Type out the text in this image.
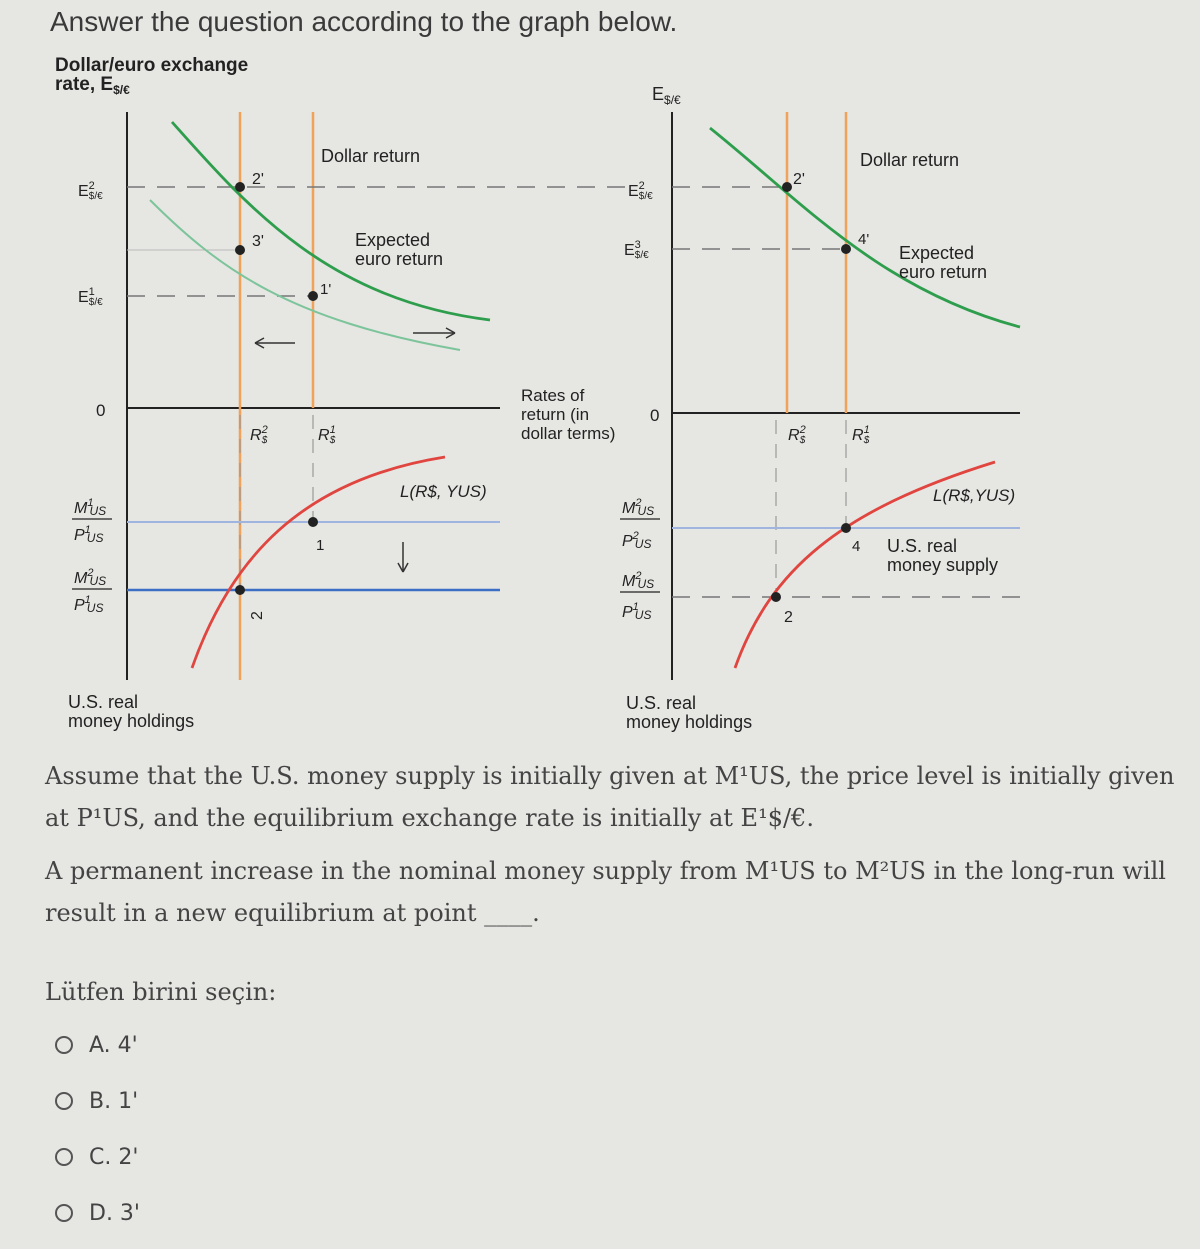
Answer the question according to the graph below.
Dollar/euro exchange
rate, $E_{\$/€}$
0
$E^2$ $/€
$E^1$ $/€
Dollar return
Expected
euro return
2'
3'
1'
$R^2$ $	$R^1$ $
L(R$, YUS)
1
2
$M^1$ US
$P^1$ US
$M^2$ US
$P^1$ US
U.S. real
money holdings
$E_{\$/€}$
$E^2$ $/€
$E^3$ $/€
Rates of
return (in
dollar terms)
0
$M^2$ US
$P^2$ US
$M^2$ US
$P^1$ US
Dollar return
Expected
euro return
2'
4'
$R^2$ $	$R^1$ $
L(R$,YUS)
4
2
U.S. real
money supply
U.S. real
money holdings
Assume that the U.S. money supply is initially given at M¹US, the price level is initially given at P¹US, and the equilibrium exchange rate is initially at E¹$/€.
A permanent increase in the nominal money supply from M¹US to M²US in the long-run will result in a new equilibrium at point ____.
Lütfen birini seçin:
A. 4'
B. 1'
C. 2'
D. 3'
